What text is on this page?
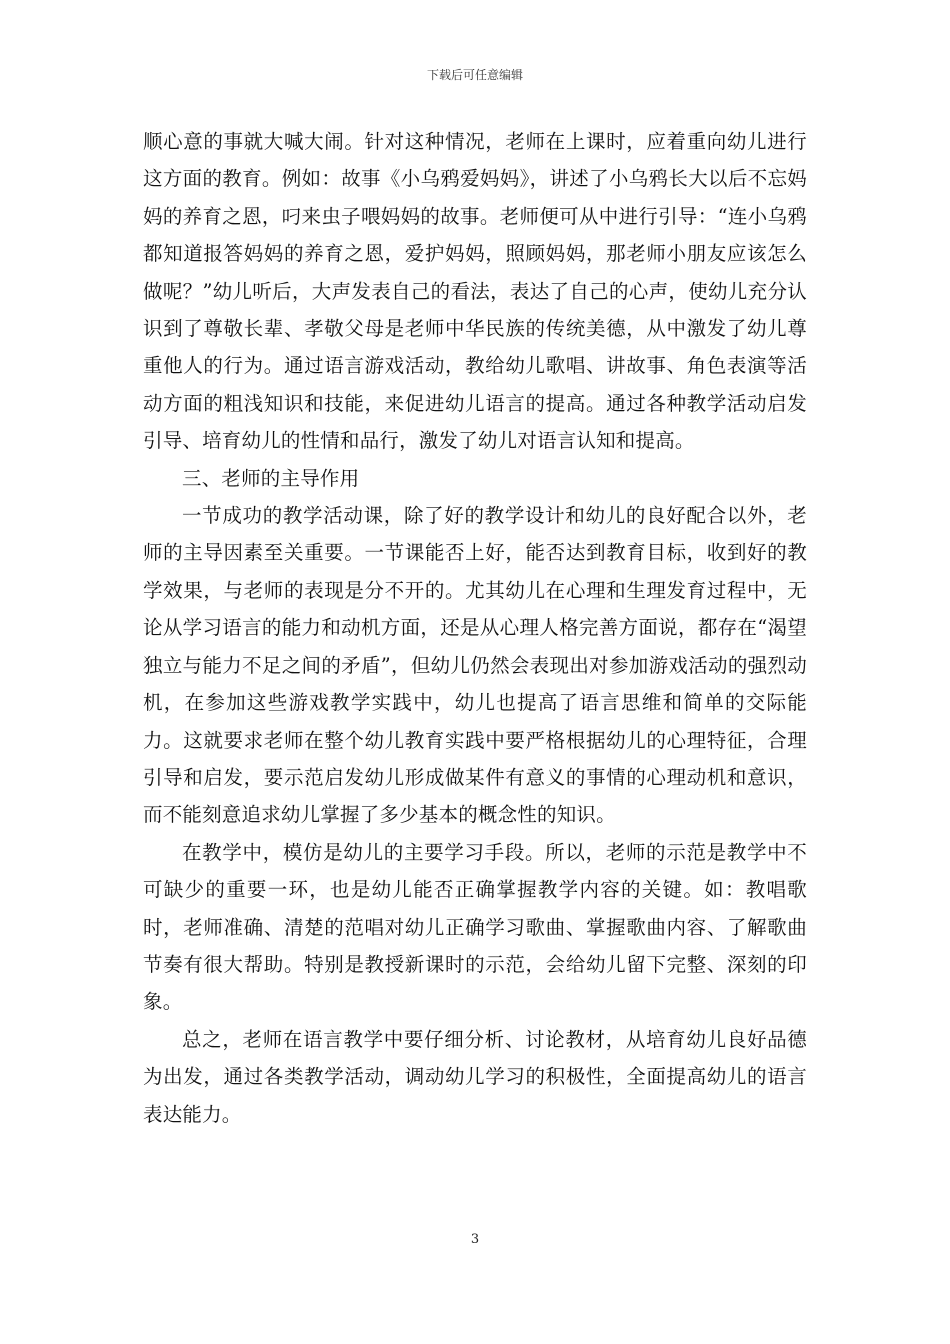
下载后可任意编辑

顺心意的事就大喊大闹。针对这种情况，老师在上课时，应着重向幼儿进行这方面的教育。例如：故事《小乌鸦爱妈妈》，讲述了小乌鸦长大以后不忘妈妈的养育之恩，叼来虫子喂妈妈的故事。老师便可从中进行引导：“连小乌鸦都知道报答妈妈的养育之恩，爱护妈妈，照顾妈妈，那老师小朋友应该怎么做呢？”幼儿听后，大声发表自己的看法，表达了自己的心声，使幼儿充分认识到了尊敬长辈、孝敬父母是老师中华民族的传统美德，从中激发了幼儿尊重他人的行为。通过语言游戏活动，教给幼儿歌唱、讲故事、角色表演等活动方面的粗浅知识和技能，来促进幼儿语言的提高。通过各种教学活动启发引导、培育幼儿的性情和品行，激发了幼儿对语言认知和提高。

三、老师的主导作用

一节成功的教学活动课，除了好的教学设计和幼儿的良好配合以外，老师的主导因素至关重要。一节课能否上好，能否达到教育目标，收到好的教学效果，与老师的表现是分不开的。尤其幼儿在心理和生理发育过程中，无论从学习语言的能力和动机方面，还是从心理人格完善方面说，都存在“渴望独立与能力不足之间的矛盾”，但幼儿仍然会表现出对参加游戏活动的强烈动机，在参加这些游戏教学实践中，幼儿也提高了语言思维和简单的交际能力。这就要求老师在整个幼儿教育实践中要严格根据幼儿的心理特征，合理引导和启发，要示范启发幼儿形成做某件有意义的事情的心理动机和意识，而不能刻意追求幼儿掌握了多少基本的概念性的知识。

在教学中，模仿是幼儿的主要学习手段。所以，老师的示范是教学中不可缺少的重要一环，也是幼儿能否正确掌握教学内容的关键。如：教唱歌时，老师准确、清楚的范唱对幼儿正确学习歌曲、掌握歌曲内容、了解歌曲节奏有很大帮助。特别是教授新课时的示范，会给幼儿留下完整、深刻的印象。

总之，老师在语言教学中要仔细分析、讨论教材，从培育幼儿良好品德为出发，通过各类教学活动，调动幼儿学习的积极性，全面提高幼儿的语言表达能力。

3
